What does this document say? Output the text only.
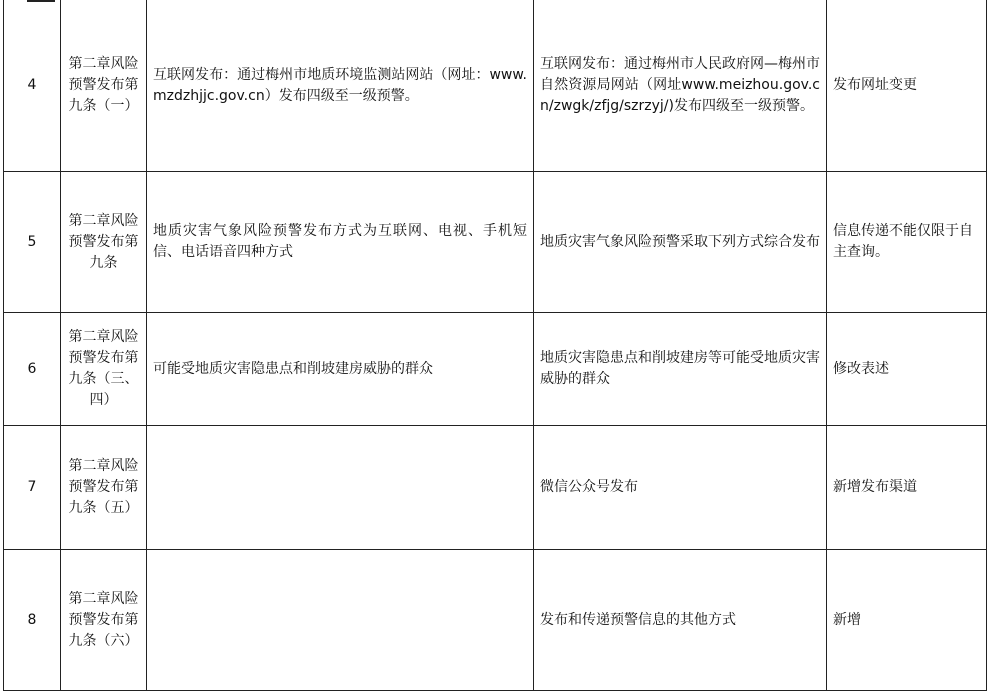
4	第二章风险预警发布第九条（一）	互联网发布：通过梅州市地质环境监测站网站（网址：www.mzdzhjjc.gov.cn）发布四级至一级预警。	互联网发布：通过梅州市人民政府网—梅州市自然资源局网站（网址www.meizhou.gov.cn/zwgk/zfjg/szrzyj/)发布四级至一级预警。	发布网址变更
5	第二章风险预警发布第九条	地质灾害气象风险预警发布方式为互联网、电视、手机短信、电话语音四种方式	地质灾害气象风险预警采取下列方式综合发布	信息传递不能仅限于自主查询。
6	第二章风险预警发布第九条（三、四）	可能受地质灾害隐患点和削坡建房威胁的群众	地质灾害隐患点和削坡建房等可能受地质灾害威胁的群众	修改表述
7	第二章风险预警发布第九条（五）		微信公众号发布	新增发布渠道
8	第二章风险预警发布第九条（六）		发布和传递预警信息的其他方式	新增
